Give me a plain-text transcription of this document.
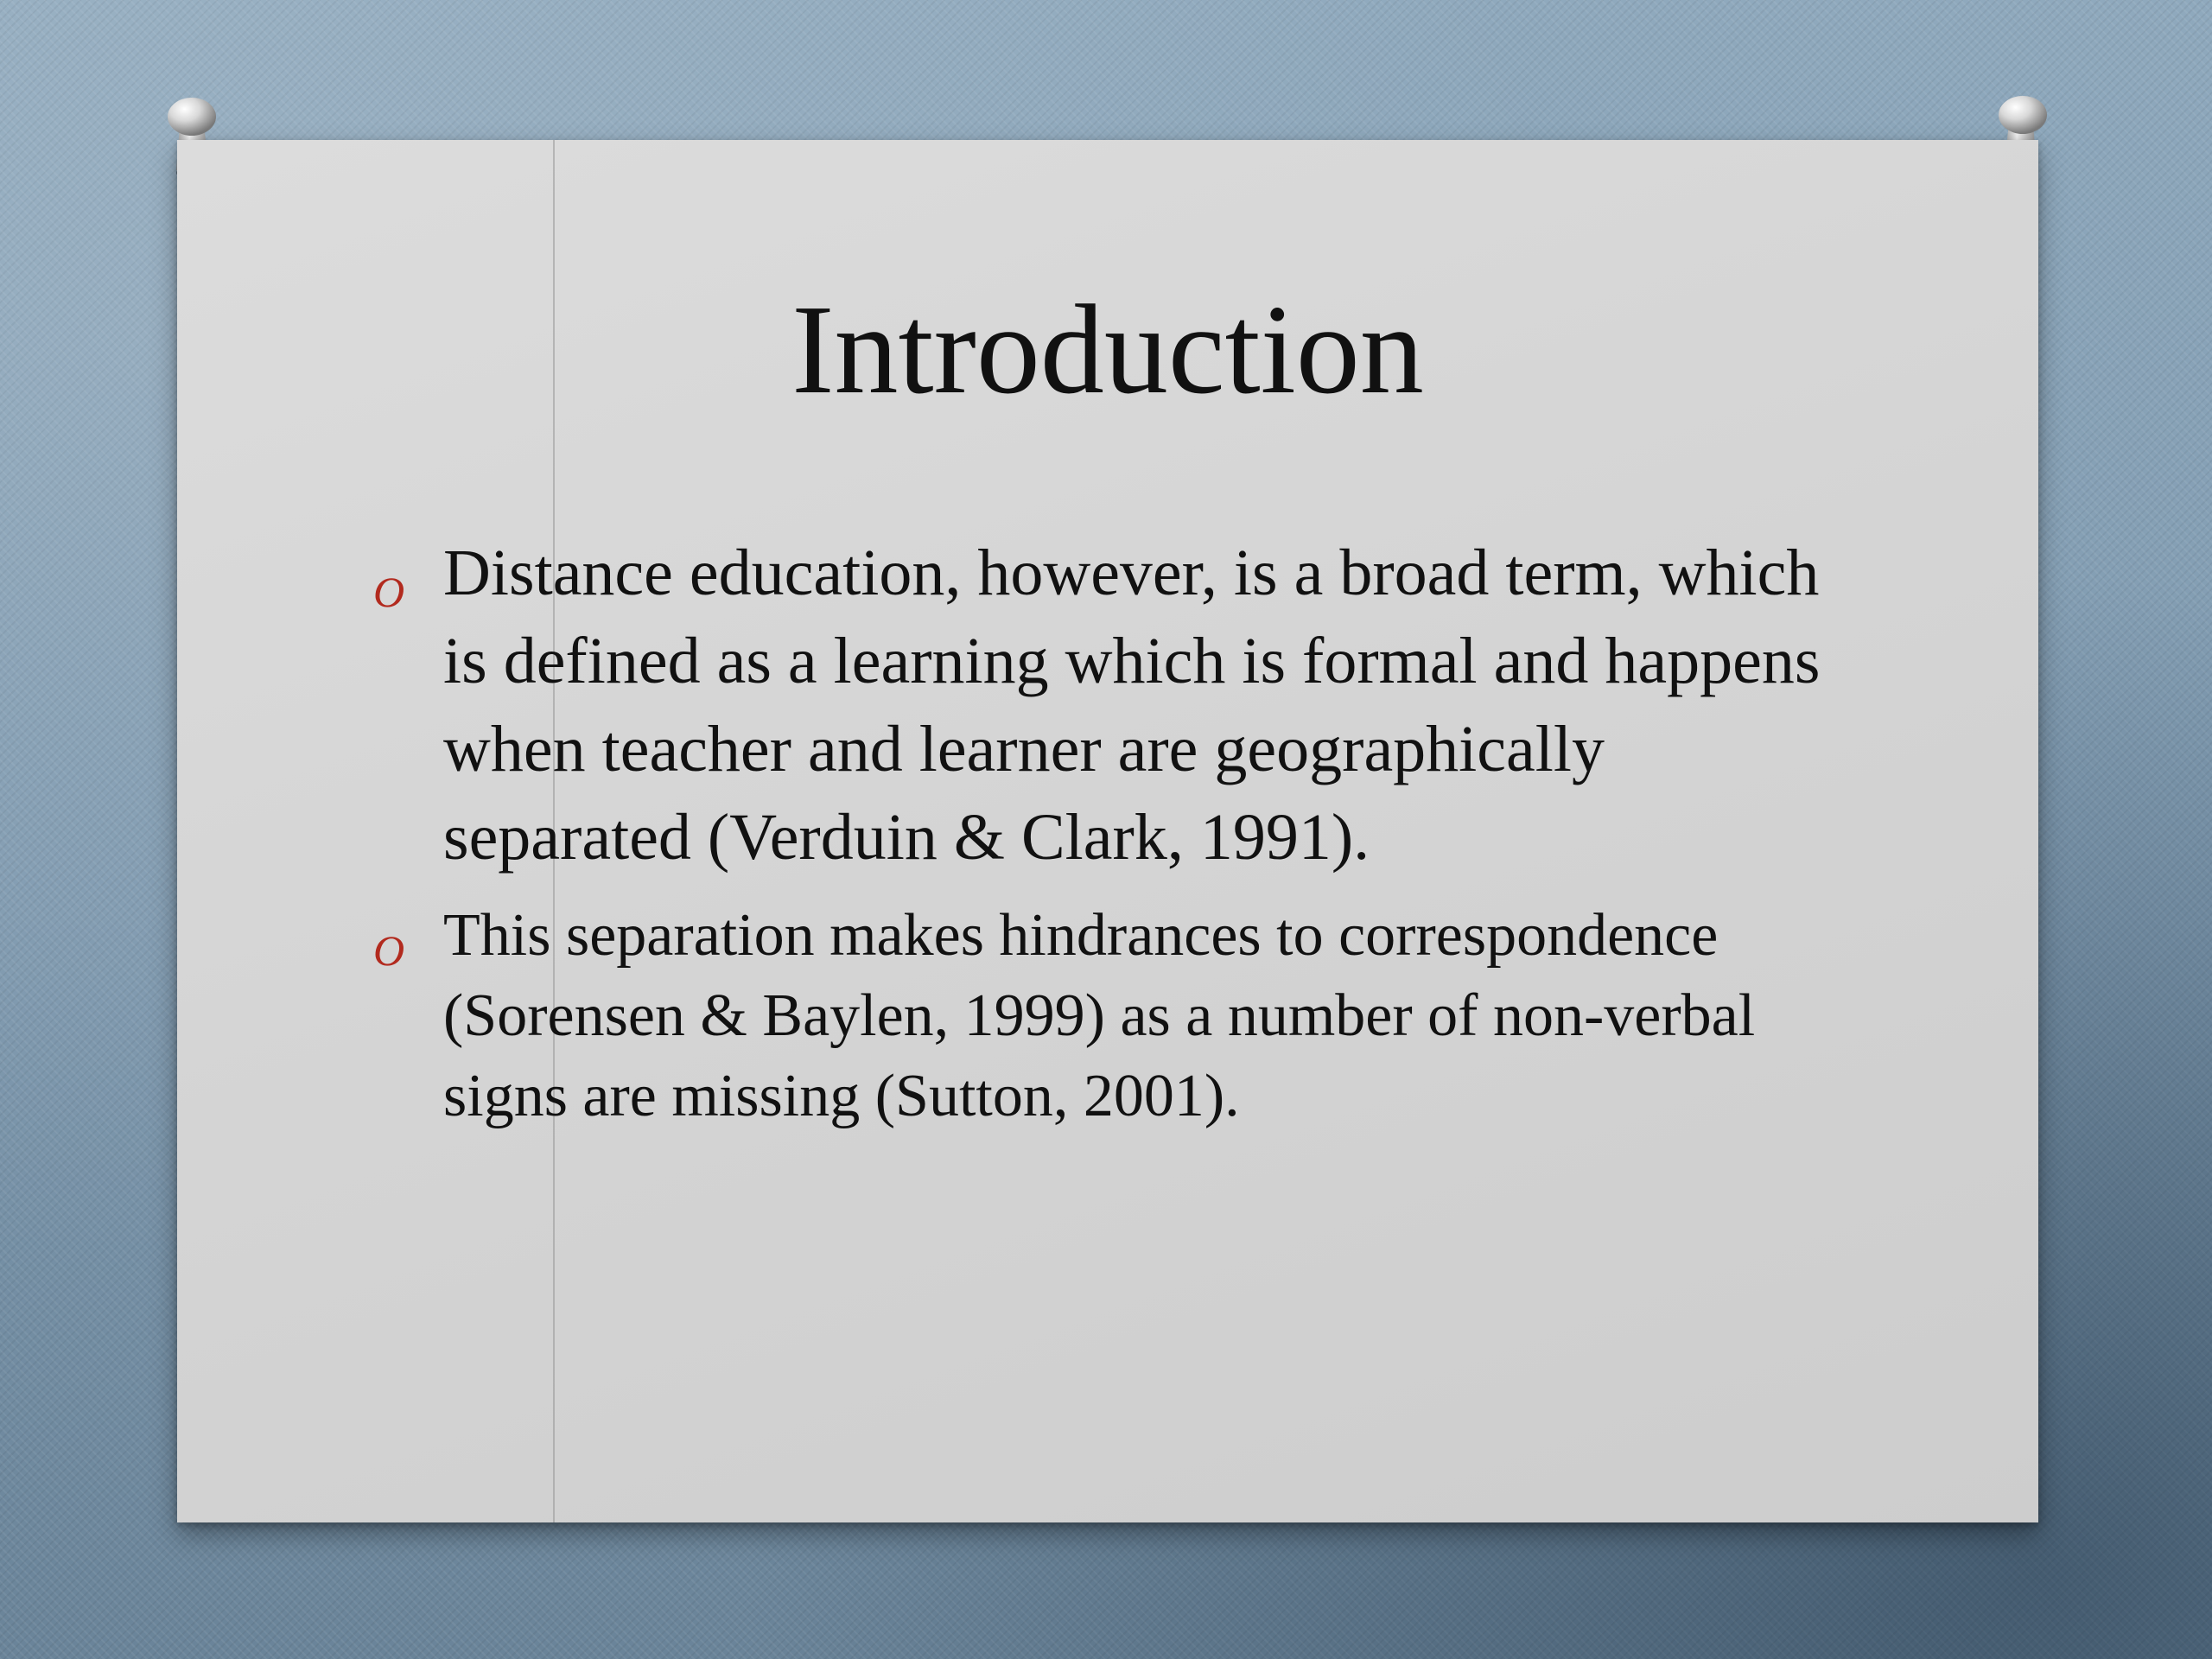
Introduction
O Distance education, however, is a broad term, which is defined as a learning which is formal and happens when teacher and learner are geographically separated (Verduin & Clark, 1991).
O This separation makes hindrances to correspondence (Sorensen & Baylen, 1999) as a number of non-verbal signs are missing (Sutton, 2001).
